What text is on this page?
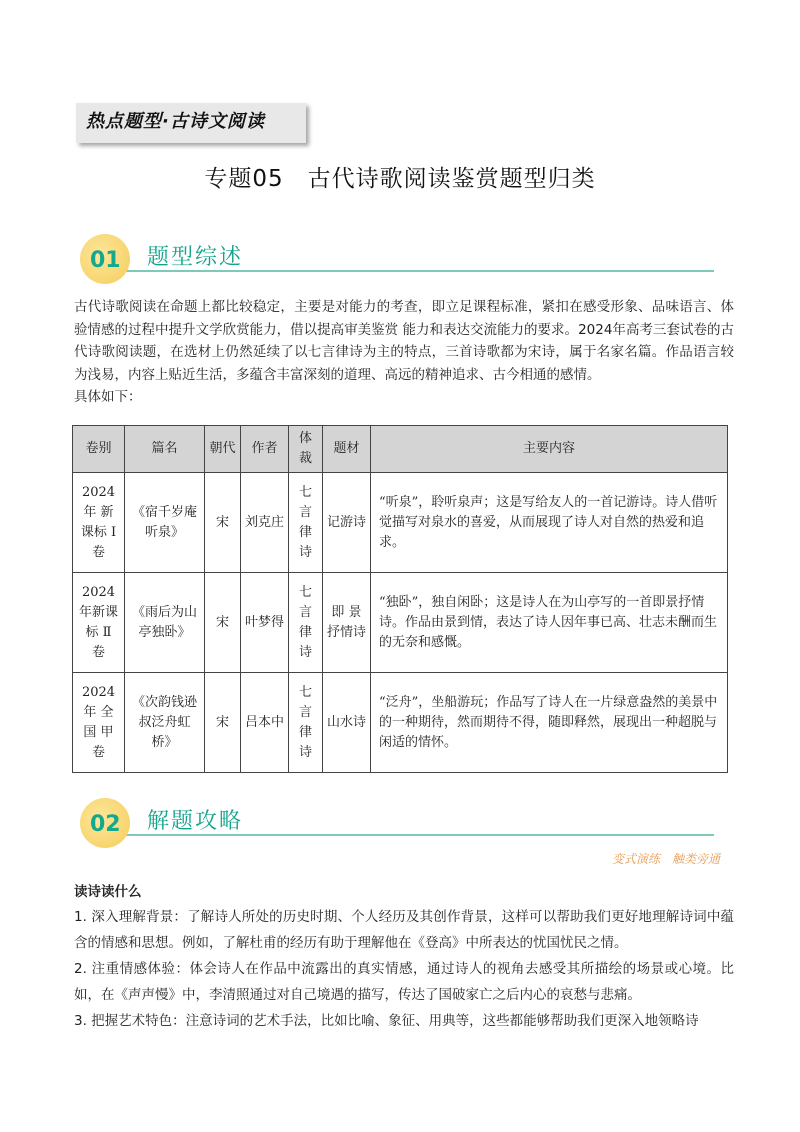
热点题型·古诗文阅读
专题05　古代诗歌阅读鉴赏题型归类
01 题型综述

古代诗歌阅读在命题上都比较稳定，主要是对能力的考查，即立足课程标准，紧扣在感受形象、品味语言、体验情感的过程中提升文学欣赏能力，借以提高审美鉴赏 能力和表达交流能力的要求。2024年高考三套试卷的古代诗歌阅读题，在选材上仍然延续了以七言律诗为主的特点，三首诗歌都为宋诗，属于名家名篇。作品语言较为浅易，内容上贴近生活，多蕴含丰富深刻的道理、高远的精神追求、古今相通的感情。

具体如下：

卷别	篇名	朝代	作者	体裁	题材	主要内容
2024 年 新课标 Ⅰ卷	《宿千岁庵听泉》	宋	刘克庄	七言律诗	记游诗	“听泉”，聆听泉声；这是写给友人的一首记游诗。诗人借听觉描写对泉水的喜爱，从而展现了诗人对自然的热爱和追求。
2024年新课标 Ⅱ 卷	《雨后为山亭独卧》	宋	叶梦得	七言律诗	即 景抒情诗	“独卧”，独自闲卧；这是诗人在为山亭写的一首即景抒情诗。作品由景到情，表达了诗人因年事已高、壮志未酬而生的无奈和感慨。
2024 年 全国 甲卷	《次韵钱逊叔泛舟虹桥》	宋	吕本中	七言律诗	山水诗	“泛舟”，坐船游玩；作品写了诗人在一片绿意盎然的美景中的一种期待，然而期待不得，随即释然，展现出一种超脱与闲适的情怀。
02 解题攻略
变式演练　触类旁通
读诗读什么

1. 深入理解背景：了解诗人所处的历史时期、个人经历及其创作背景，这样可以帮助我们更好地理解诗词中蕴含的情感和思想。例如，了解杜甫的经历有助于理解他在《登高》中所表达的忧国忧民之情。

2. 注重情感体验：体会诗人在作品中流露出的真实情感，通过诗人的视角去感受其所描绘的场景或心境。比如，在《声声慢》中，李清照通过对自己境遇的描写，传达了国破家亡之后内心的哀愁与悲痛。

3. 把握艺术特色：注意诗词的艺术手法，比如比喻、象征、用典等，这些都能够帮助我们更深入地领略诗
